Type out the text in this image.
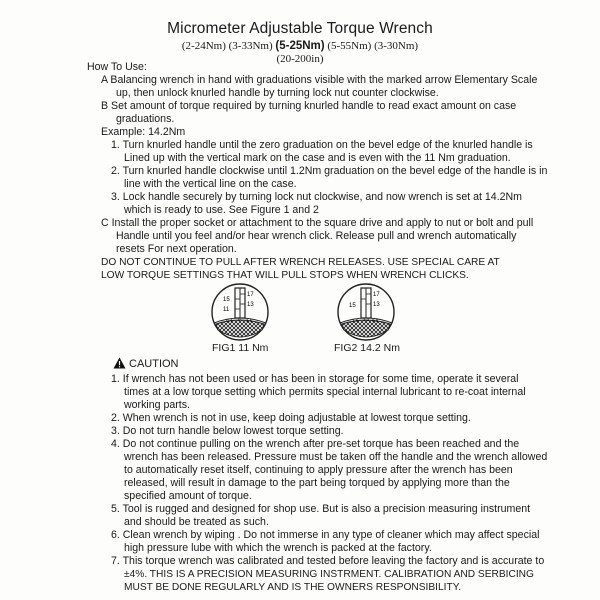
Micrometer Adjustable Torque Wrench
(2-24Nm) (3-33Nm) (5-25Nm) (5-55Nm) (3-30Nm)
(20-200in)
How To Use:
A Balancing wrench in hand with graduations visible with the marked arrow Elementary Scale
up, then unlock knurled handle by turning lock nut counter clockwise.
B Set amount of torque required by turning knurled handle to read exact amount on case
graduations.
Example: 14.2Nm
1. Turn knurled handle until the zero graduation on the bevel edge of the knurled handle is
Lined up with the vertical mark on the case and is even with the 11 Nm graduation.
2. Turn knurled handle clockwise until 1.2Nm graduation on the bevel edge of the handle is in
line with the vertical line on the case.
3. Lock handle securely by turning lock nut clockwise, and now wrench is set at 14.2Nm
which is ready to use. See Figure 1 and 2
C Install the proper socket or attachment to the square drive and apply to nut or bolt and pull
Handle until you feel and/or hear wrench click. Release pull and wrench automatically
resets For next operation.
DO NOT CONTINUE TO PULL AFTER WRENCH RELEASES. USE SPECIAL CARE AT
LOW TORQUE SETTINGS THAT WILL PULL STOPS WHEN WRENCH CLICKS.
17
15
13
11
0.4 0 1.6
FIG1 11 Nm
17
15	13
1.6 1.2 0.8
FIG2 14.2 Nm
CAUTION
1. If wrench has not been used or has been in storage for some time, operate it several
times at a low torque setting which permits special internal lubricant to re-coat internal
working parts.
2. When wrench is not in use, keep doing adjustable at lowest torque setting.
3. Do not turn handle below lowest torque setting.
4. Do not continue pulling on the wrench after pre-set torque has been reached and the
wrench has been released. Pressure must be taken off the handle and the wrench allowed
to automatically reset itself, continuing to apply pressure after the wrench has been
released, will result in damage to the part being torqued by applying more than the
specified amount of torque.
5. Tool is rugged and designed for shop use. But is also a precision measuring instrument
and should be treated as such.
6. Clean wrench by wiping . Do not immerse in any type of cleaner which may affect special
high pressure lube with which the wrench is packed at the factory.
7. This torque wrench was calibrated and tested before leaving the factory and is accurate to
±4%. THIS IS A PRECISION MEASURING INSTRMENT. CALIBRATION AND SERBICING
MUST BE DONE REGULARLY AND IS THE OWNERS RESPONSIBILITY.
